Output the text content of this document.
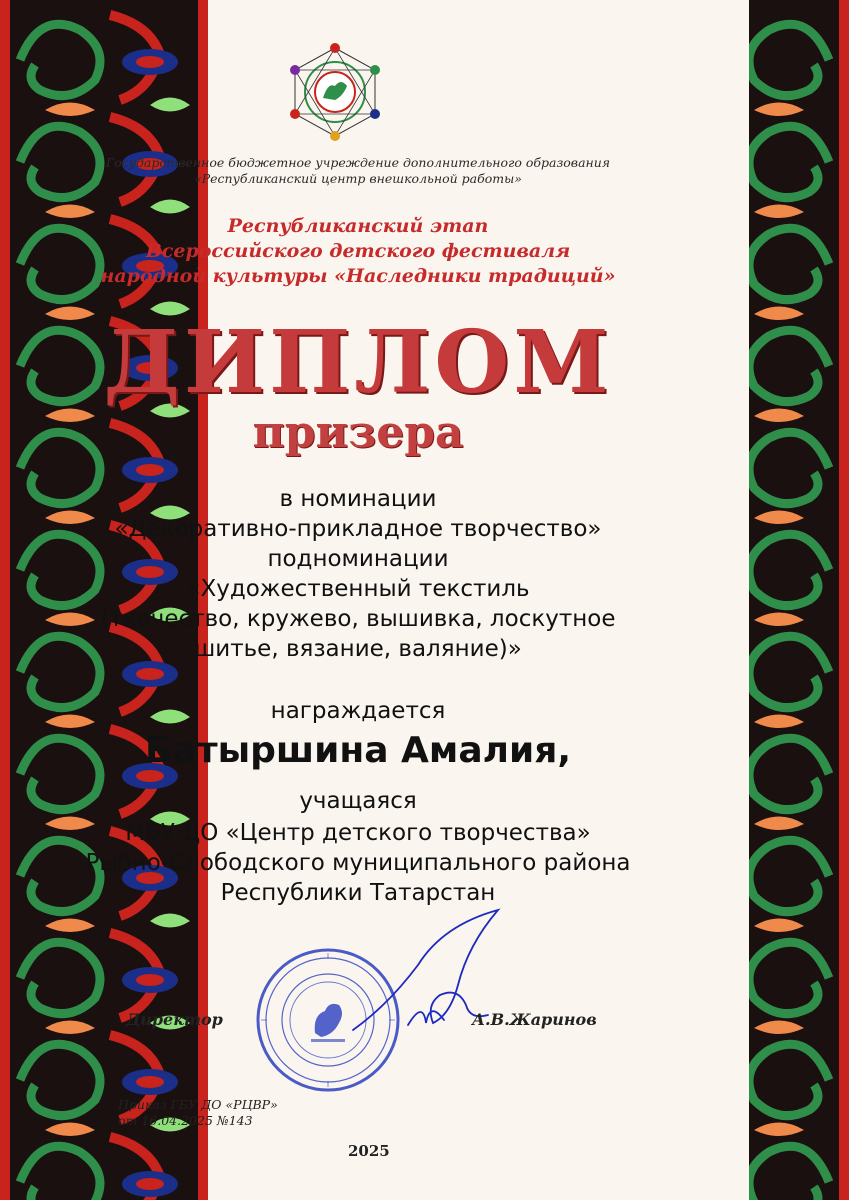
Государственное бюджетное учреждение дополнительного образования
«Республиканский центр внешкольной работы»
Республиканский этап
Всероссийского детского фестиваля
народной культуры «Наследники традиций»
ДИПЛОМ
призера
в номинации
«Декоративно-прикладное творчество»
подноминации
«Художественный текстиль
(ткачество, кружево, вышивка, лоскутное
шитье, вязание, валяние)»
награждается
Батыршина Амалия,
учащаяся
МБУ ДО «Центр детского творчества»
Рыбно-Слободского муниципального района
Республики Татарстан
Директор	А.В.Жаринов
Приказ ГБУ ДО «РЦВР»
от 16.04.2025 №143
2025
